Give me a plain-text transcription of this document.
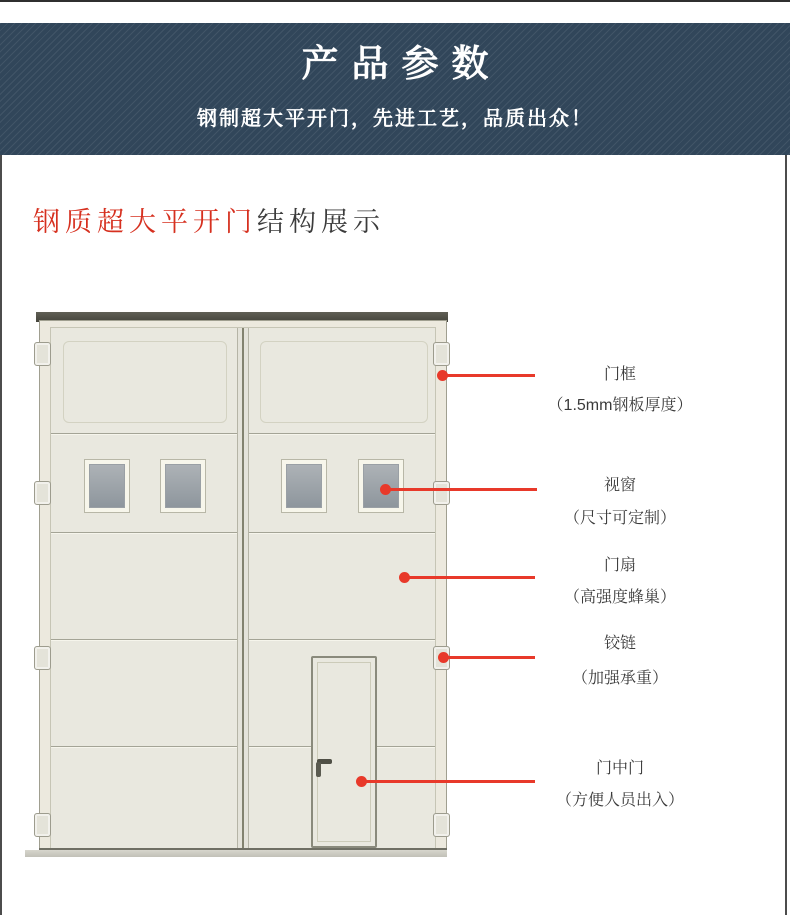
产品参数

钢制超大平开门，先进工艺，品质出众！

钢质超大平开门结构展示
门框
（1.5mm钢板厚度）
视窗
（尺寸可定制）
门扇
（高强度蜂巢）
铰链
（加强承重）
门中门
（方便人员出入）
